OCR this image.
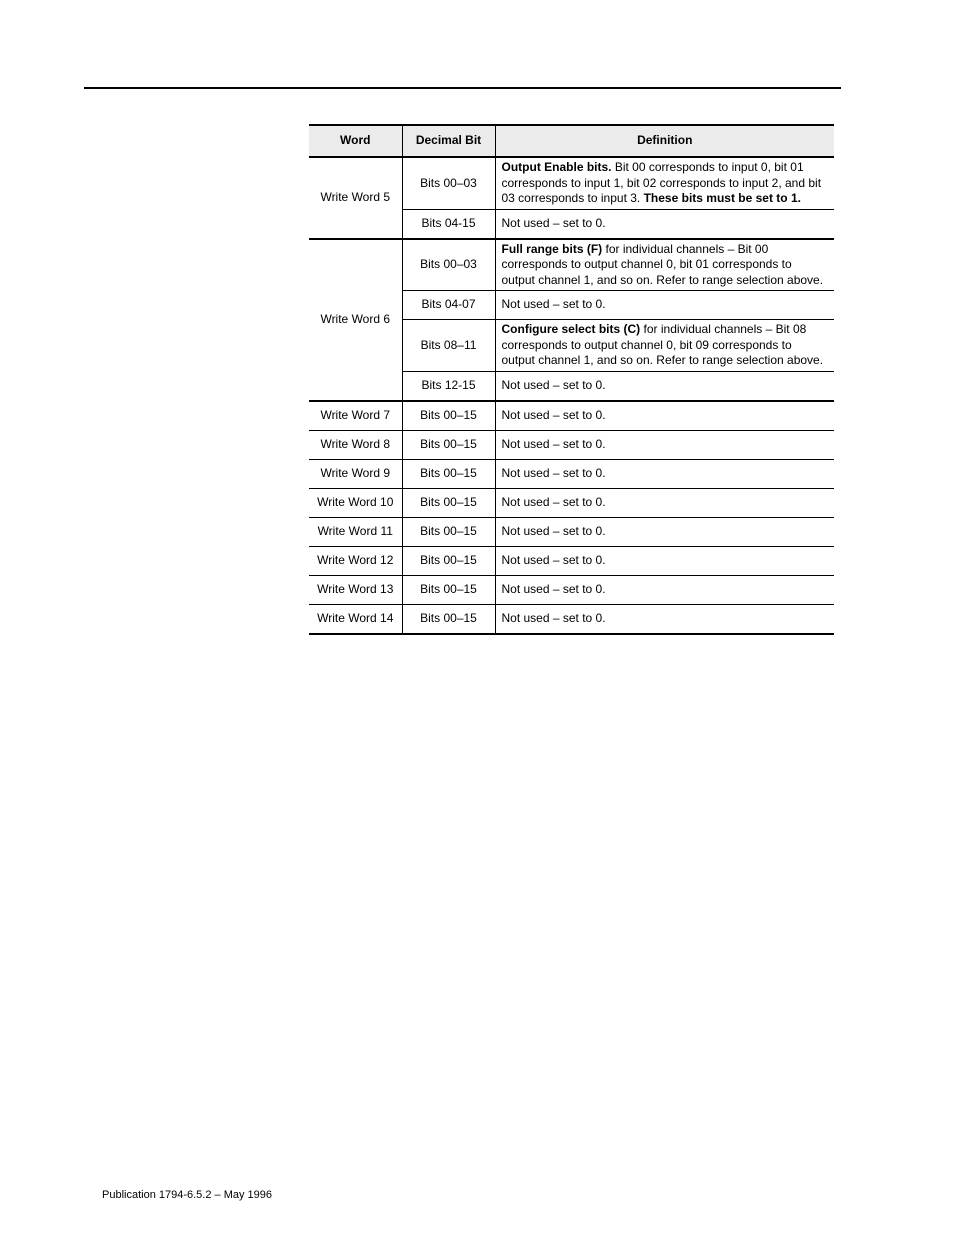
Word	Decimal Bit	Definition
Write Word 5	Bits 00–03	Output Enable bits. Bit 00 corresponds to input 0, bit 01 corresponds to input 1, bit 02 corresponds to input 2, and bit 03 corresponds to input 3. These bits must be set to 1.
	Bits 04-15	Not used – set to 0.
Write Word 6	Bits 00–03	Full range bits (F) for individual channels – Bit 00 corresponds to output channel 0, bit 01 corresponds to output channel 1, and so on. Refer to range selection above.
	Bits 04-07	Not used – set to 0.
	Bits 08–11	Configure select bits (C) for individual channels – Bit 08 corresponds to output channel 0, bit 09 corresponds to output channel 1, and so on. Refer to range selection above.
	Bits 12-15	Not used – set to 0.
Write Word 7	Bits 00–15	Not used – set to 0.
Write Word 8	Bits 00–15	Not used – set to 0.
Write Word 9	Bits 00–15	Not used – set to 0.
Write Word 10	Bits 00–15	Not used – set to 0.
Write Word 11	Bits 00–15	Not used – set to 0.
Write Word 12	Bits 00–15	Not used – set to 0.
Write Word 13	Bits 00–15	Not used – set to 0.
Write Word 14	Bits 00–15	Not used – set to 0.
Publication 1794-6.5.2 – May 1996
